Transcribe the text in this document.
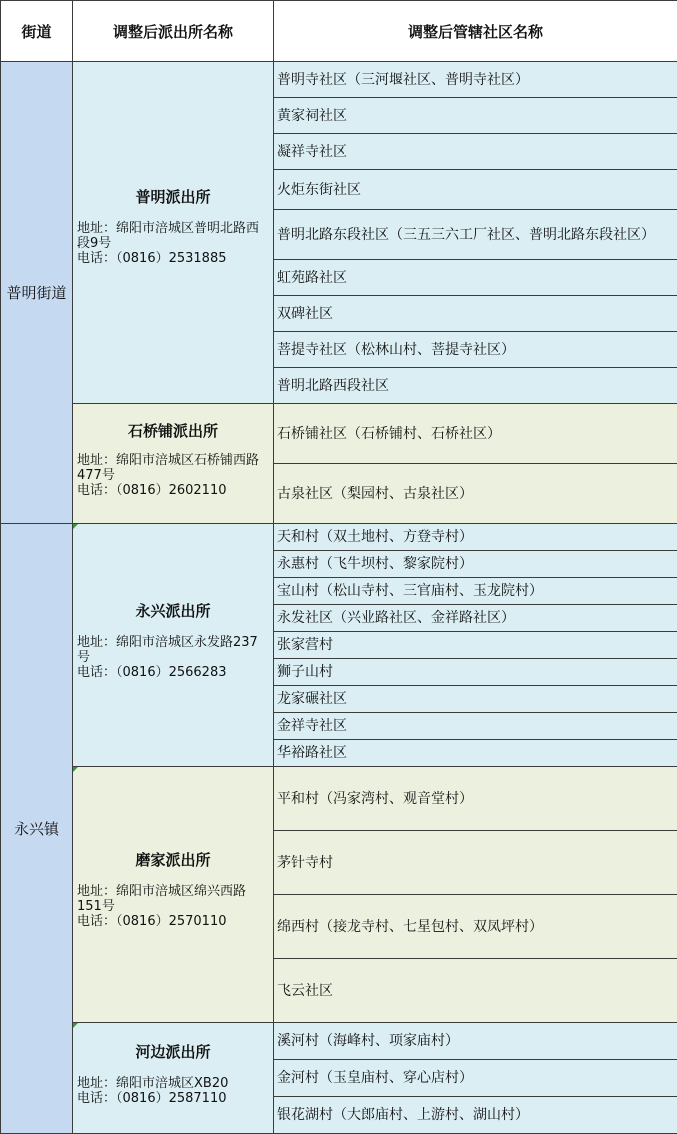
街道	调整后派出所名称	调整后管辖社区名称
普明街道	普明派出所
地址：绵阳市涪城区普明北路西段9号
电话：（0816）2531885	普明寺社区（三河堰社区、普明寺社区）
		黄家祠社区
		凝祥寺社区
		火炬东街社区
		普明北路东段社区（三五三六工厂社区、普明北路东段社区）
		虹苑路社区
		双碑社区
		菩提寺社区（松林山村、菩提寺社区）
		普明北路西段社区

	石桥铺派出所
地址：绵阳市涪城区石桥铺西路477号
电话：（0816）2602110	石桥铺社区（石桥铺村、石桥社区）
		古泉社区（梨园村、古泉社区）
永兴镇	永兴派出所
地址：绵阳市涪城区永发路237号
电话：（0816）2566283	天和村（双土地村、方登寺村）
		永惠村（飞牛坝村、黎家院村）
		宝山村（松山寺村、三官庙村、玉龙院村）
		永发社区（兴业路社区、金祥路社区）
		张家营村
		狮子山村
		龙家碾社区
		金祥寺社区
		华裕路社区

	磨家派出所
地址：绵阳市涪城区绵兴西路151号
电话：（0816）2570110	平和村（冯家湾村、观音堂村）
		茅针寺村
		绵西村（接龙寺村、七星包村、双凤坪村）
		飞云社区

	河边派出所
地址：绵阳市涪城区XB20
电话：（0816）2587110	溪河村（海峰村、项家庙村）
		金河村（玉皇庙村、穿心店村）
		银花湖村（大郎庙村、上游村、湖山村）
